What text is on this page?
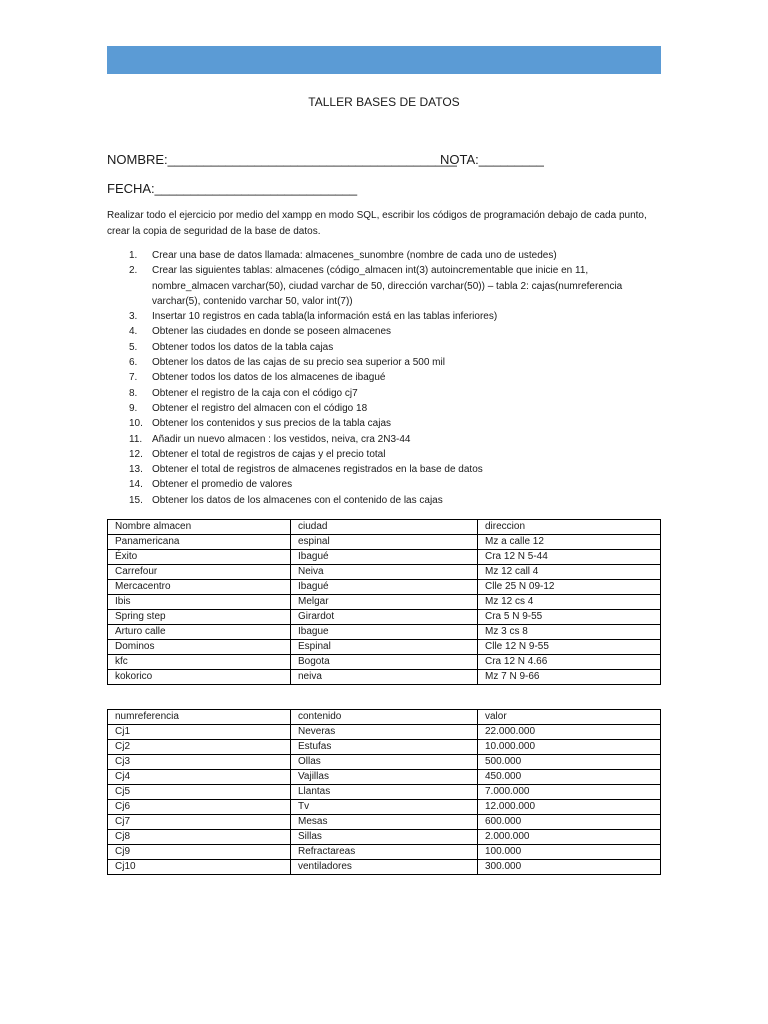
TALLER BASES DE DATOS
NOMBRE:________________________________________
NOTA:_________
FECHA:____________________________
Realizar todo el ejercicio por medio del xampp en modo SQL, escribir los códigos de programación debajo de cada punto, crear la copia de seguridad de la base de datos.
1. Crear una base de datos llamada: almacenes_sunombre (nombre de cada uno de ustedes)
2. Crear las siguientes tablas: almacenes (código_almacen int(3) autoincrementable que inicie en 11, nombre_almacen varchar(50), ciudad varchar de 50, dirección varchar(50)) – tabla 2: cajas(numreferencia varchar(5), contenido varchar 50, valor int(7))
3. Insertar 10 registros en cada tabla(la información está en las tablas inferiores)
4. Obtener las ciudades en donde se poseen almacenes
5. Obtener todos los datos de la tabla cajas
6. Obtener los datos de las cajas de su precio sea superior a 500 mil
7. Obtener todos los datos de los almacenes de ibagué
8. Obtener el registro de la caja con el código cj7
9. Obtener el registro del almacen con el código 18
10. Obtener los contenidos y sus precios de la tabla cajas
11. Añadir un nuevo almacen : los vestidos, neiva, cra 2N3-44
12. Obtener el total de registros de cajas y el precio total
13. Obtener el total de registros de almacenes registrados en la base de datos
14. Obtener el promedio de valores
15. Obtener los datos de los almacenes con el contenido de las cajas
Nombre almacen	ciudad	direccion
Panamericana	espinal	Mz a calle 12
Éxito	Ibagué	Cra 12 N 5-44
Carrefour	Neiva	Mz 12 call 4
Mercacentro	Ibagué	Clle 25 N 09-12
Ibis	Melgar	Mz 12 cs 4
Spring step	Girardot	Cra 5 N 9-55
Arturo calle	Ibague	Mz 3 cs 8
Dominos	Espinal	Clle 12 N 9-55
kfc	Bogota	Cra 12 N 4.66
kokorico	neiva	Mz 7 N 9-66
numreferencia	contenido	valor
Cj1	Neveras	22.000.000
Cj2	Estufas	10.000.000
Cj3	Ollas	500.000
Cj4	Vajillas	450.000
Cj5	Llantas	7.000.000
Cj6	Tv	12.000.000
Cj7	Mesas	600.000
Cj8	Sillas	2.000.000
Cj9	Refractareas	100.000
Cj10	ventiladores	300.000
